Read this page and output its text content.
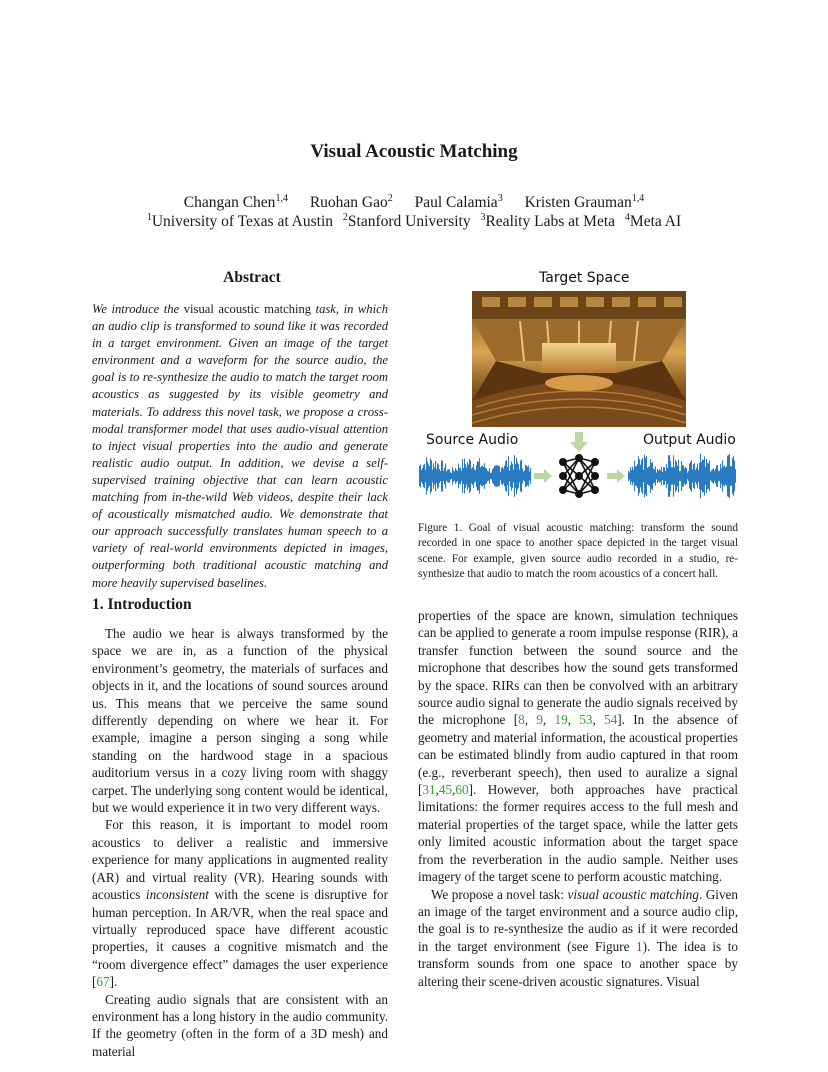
Visual Acoustic Matching
Changan Chen$^{1,4}$ Ruohan Gao$^2$ Paul Calamia$^3$ Kristen Grauman$^{1,4}$
$^1$University of Texas at Austin $^2$Stanford University $^3$Reality Labs at Meta $^4$Meta AI
Abstract
We introduce the visual acoustic matching task, in which an audio clip is transformed to sound like it was recorded in a target environment. Given an image of the target environment and a waveform for the source audio, the goal is to re-synthesize the audio to match the target room acoustics as suggested by its visible geometry and materials. To address this novel task, we propose a cross-modal transformer model that uses audio-visual attention to inject visual properties into the audio and generate realistic audio output. In addition, we devise a self-supervised training objective that can learn acoustic matching from in-the-wild Web videos, despite their lack of acoustically mismatched audio. We demonstrate that our approach successfully translates human speech to a variety of real-world environments depicted in images, outperforming both traditional acoustic matching and more heavily supervised baselines.
Target Space
Source Audio	Output Audio
Figure 1. Goal of visual acoustic matching: transform the sound recorded in one space to another space depicted in the target visual scene. For example, given source audio recorded in a studio, re-synthesize that audio to match the room acoustics of a concert hall.
1. Introduction

The audio we hear is always transformed by the space we are in, as a function of the physical environment’s geometry, the materials of surfaces and objects in it, and the locations of sound sources around us. This means that we perceive the same sound differently depending on where we hear it. For example, imagine a person singing a song while standing on the hardwood stage in a spacious auditorium versus in a cozy living room with shaggy carpet. The underlying song content would be identical, but we would experience it in two very different ways.

For this reason, it is important to model room acoustics to deliver a realistic and immersive experience for many applications in augmented reality (AR) and virtual reality (VR). Hearing sounds with acoustics inconsistent with the scene is disruptive for human perception. In AR/VR, when the real space and virtually reproduced space have different acoustic properties, it causes a cognitive mismatch and the “room divergence effect” damages the user experience [67].

Creating audio signals that are consistent with an environment has a long history in the audio community. If the geometry (often in the form of a 3D mesh) and material

properties of the space are known, simulation techniques can be applied to generate a room impulse response (RIR), a transfer function between the sound source and the microphone that describes how the sound gets transformed by the space. RIRs can then be convolved with an arbitrary source audio signal to generate the audio signals received by the microphone [8, 9, 19, 53, 54]. In the absence of geometry and material information, the acoustical properties can be estimated blindly from audio captured in that room (e.g., reverberant speech), then used to auralize a signal [31,45,60]. However, both approaches have practical limitations: the former requires access to the full mesh and material properties of the target space, while the latter gets only limited acoustic information about the target space from the reverberation in the audio sample. Neither uses imagery of the target scene to perform acoustic matching.

We propose a novel task: visual acoustic matching. Given an image of the target environment and a source audio clip, the goal is to re-synthesize the audio as if it were recorded in the target environment (see Figure 1). The idea is to transform sounds from one space to another space by altering their scene-driven acoustic signatures. Visual
